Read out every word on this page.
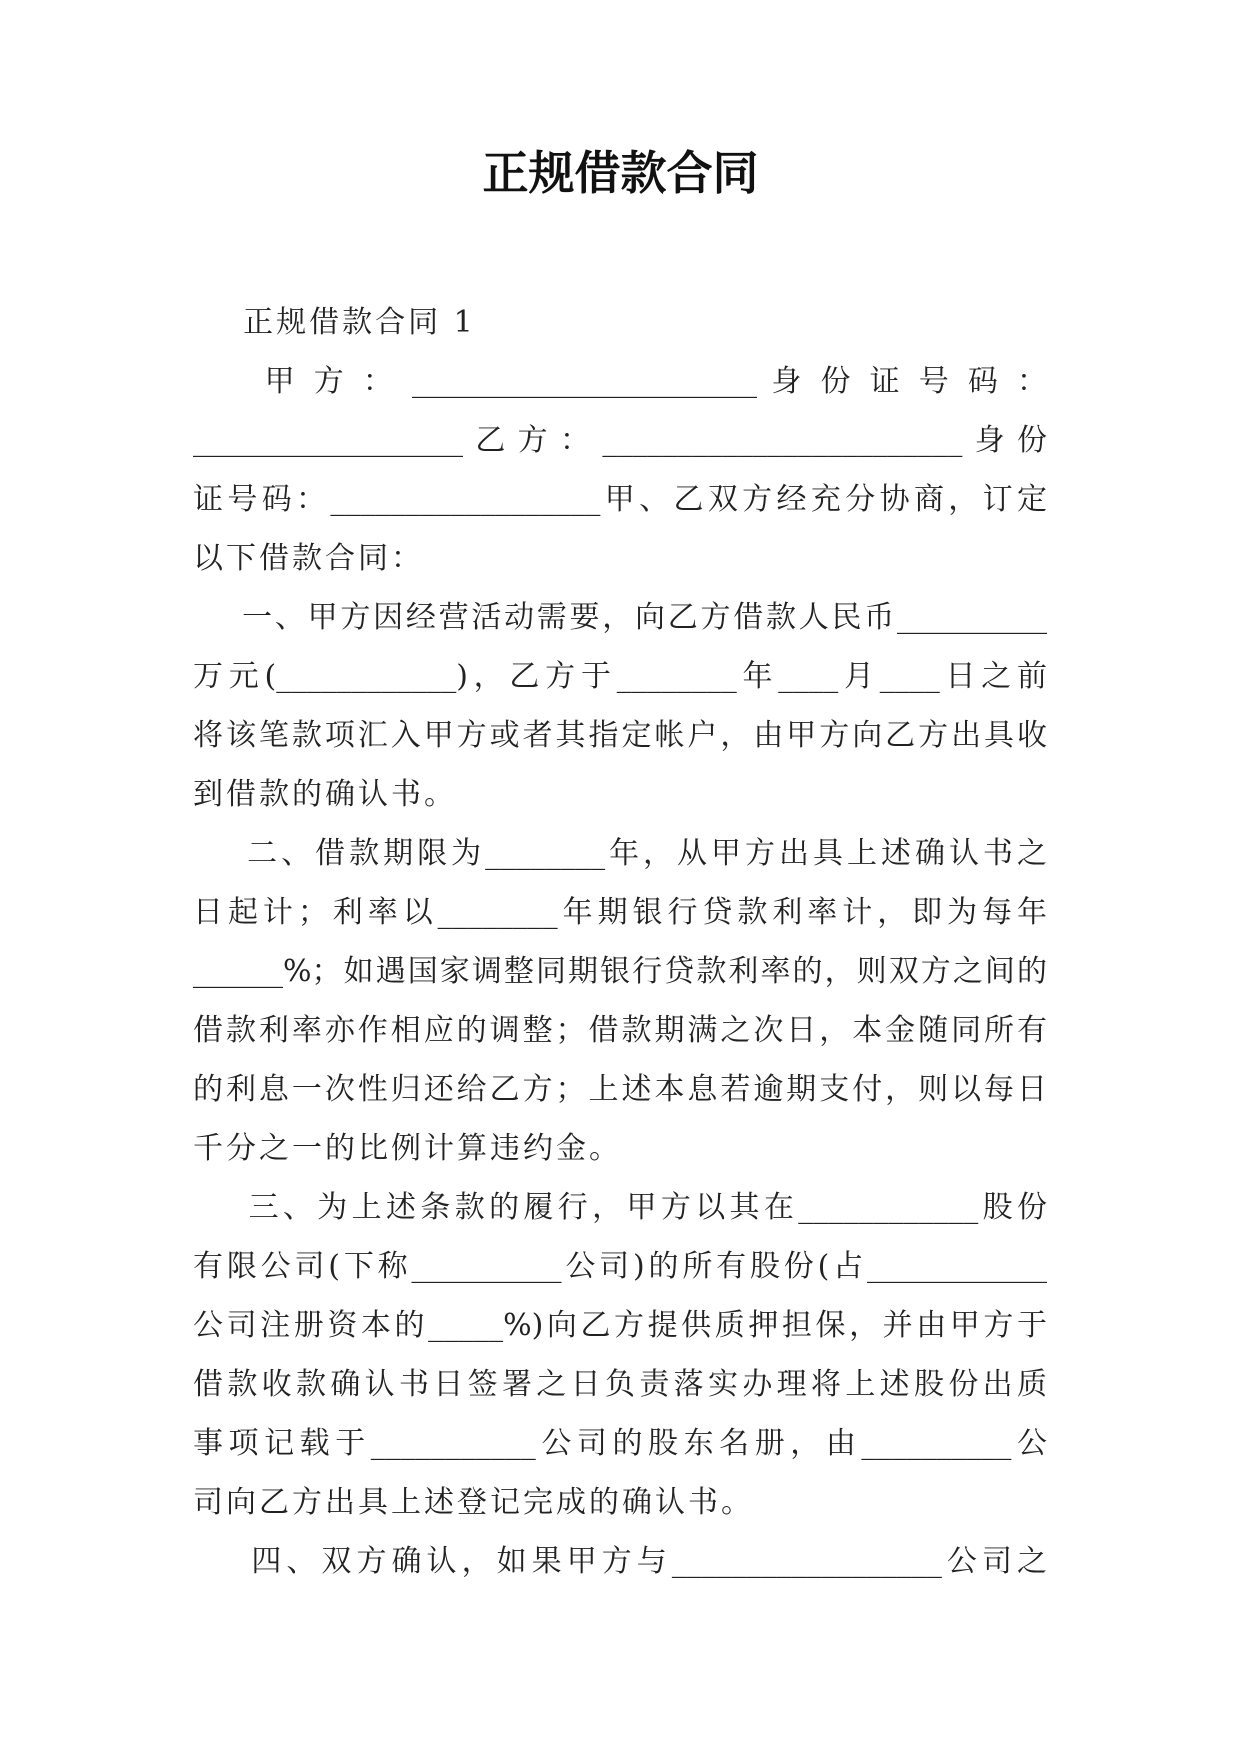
正规借款合同
正规借款合同 1
甲 方 ： _______________________ 身 份 证 号 码 ：
__________________乙方：________________________身份
证号码：__________________甲、乙双方经充分协商，订定
以下借款合同：
一、甲方因经营活动需要，向乙方借款人民币__________
万元(____________)，乙方于________年____月____日之前
将该笔款项汇入甲方或者其指定帐户，由甲方向乙方出具收
到借款的确认书。
二、借款期限为________年，从甲方出具上述确认书之
日起计；利率以________年期银行贷款利率计，即为每年
______%；如遇国家调整同期银行贷款利率的，则双方之间的
借款利率亦作相应的调整；借款期满之次日，本金随同所有
的利息一次性归还给乙方；上述本息若逾期支付，则以每日
千分之一的比例计算违约金。
三、为上述条款的履行，甲方以其在____________股份
有限公司(下称__________公司)的所有股份(占____________
公司注册资本的_____%)向乙方提供质押担保，并由甲方于
借款收款确认书日签署之日负责落实办理将上述股份出质
事项记载于___________公司的股东名册，由__________公
司向乙方出具上述登记完成的确认书。
四、双方确认，如果甲方与__________________公司之
